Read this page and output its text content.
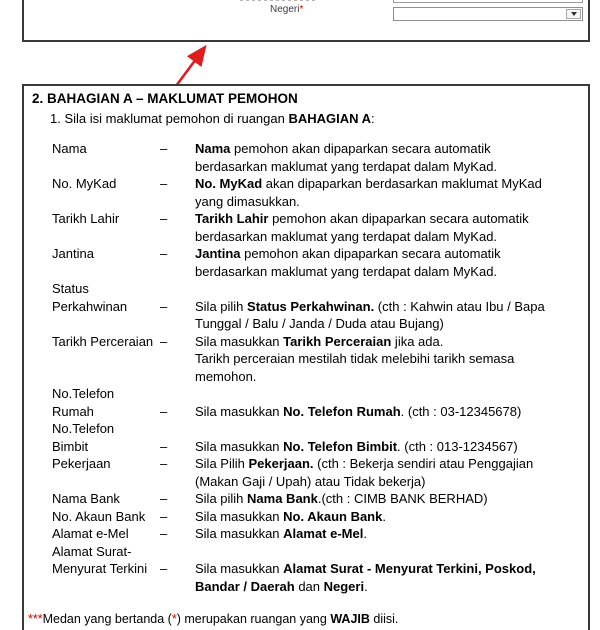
Negeri*
2. BAHAGIAN A – MAKLUMAT PEMOHON
1. Sila isi maklumat pemohon di ruangan BAHAGIAN A:
Nama	–	Nama pemohon akan dipaparkan secara automatik
berdasarkan maklumat yang terdapat dalam MyKad.
No. MyKad	–	No. MyKad akan dipaparkan berdasarkan maklumat MyKad
yang dimasukkan.
Tarikh Lahir	–	Tarikh Lahir pemohon akan dipaparkan secara automatik
berdasarkan maklumat yang terdapat dalam MyKad.
Jantina	–	Jantina pemohon akan dipaparkan secara automatik
berdasarkan maklumat yang terdapat dalam MyKad.
Status
Perkahwinan	–	Sila pilih Status Perkahwinan. (cth : Kahwin atau Ibu / Bapa
Tunggal / Balu / Janda / Duda atau Bujang)
Tarikh Perceraian –	Sila masukkan Tarikh Perceraian jika ada.
Tarikh perceraian mestilah tidak melebihi tarikh semasa
memohon.
No.Telefon
Rumah	–	Sila masukkan No. Telefon Rumah. (cth : 03-12345678)
No.Telefon
Bimbit	–	Sila masukkan No. Telefon Bimbit. (cth : 013-1234567)
Pekerjaan	–	Sila Pilih Pekerjaan. (cth : Bekerja sendiri atau Penggajian
(Makan Gaji / Upah) atau Tidak bekerja)
Nama Bank	–	Sila pilih Nama Bank.(cth : CIMB BANK BERHAD)
No. Akaun Bank	–	Sila masukkan No. Akaun Bank.
Alamat e-Mel	–	Sila masukkan Alamat e-Mel.
Alamat Surat-
Menyurat Terkini –	Sila masukkan Alamat Surat - Menyurat Terkini, Poskod,
Bandar / Daerah dan Negeri.
***Medan yang bertanda (*) merupakan ruangan yang WAJIB diisi.
